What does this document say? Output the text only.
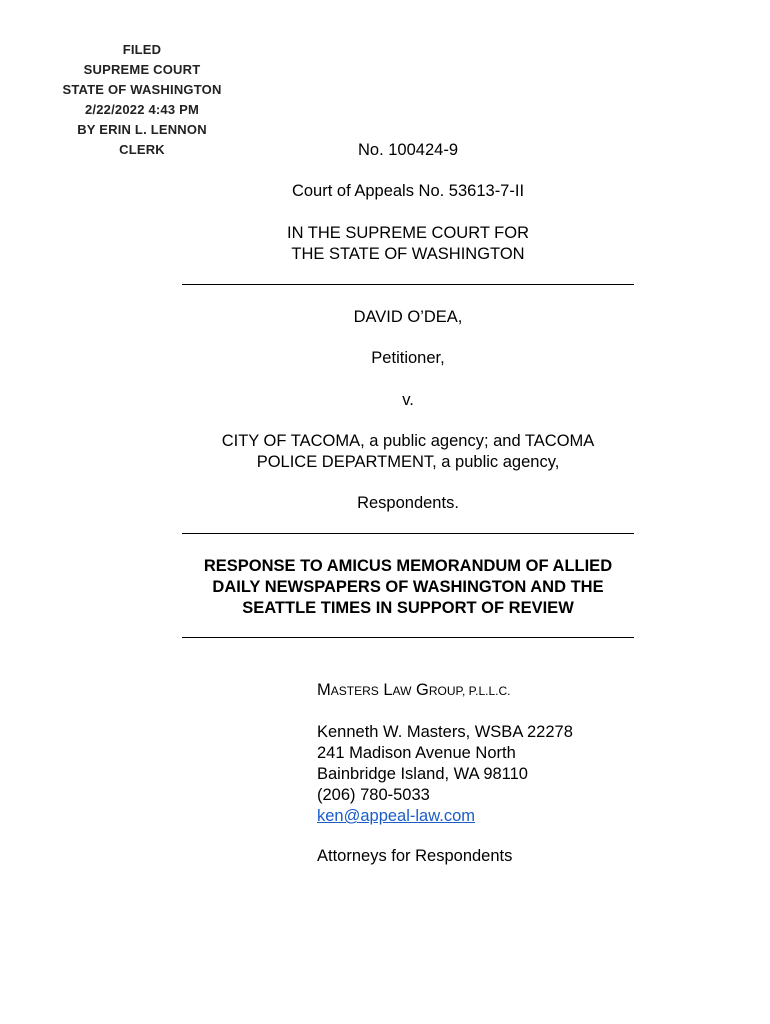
FILED
SUPREME COURT
STATE OF WASHINGTON
2/22/2022 4:43 PM
BY ERIN L. LENNON
CLERK	No. 100424-9
Court of Appeals No. 53613-7-II
IN THE SUPREME COURT FOR
THE STATE OF WASHINGTON
DAVID O’DEA,
Petitioner,
v.
CITY OF TACOMA, a public agency; and TACOMA
POLICE DEPARTMENT, a public agency,
Respondents.
RESPONSE TO AMICUS MEMORANDUM OF ALLIED
DAILY NEWSPAPERS OF WASHINGTON AND THE
SEATTLE TIMES IN SUPPORT OF REVIEW
MASTERS LAW GROUP, P.L.L.C.
Kenneth W. Masters, WSBA 22278
241 Madison Avenue North
Bainbridge Island, WA 98110
(206) 780-5033
ken@appeal-law.com
Attorneys for Respondents
